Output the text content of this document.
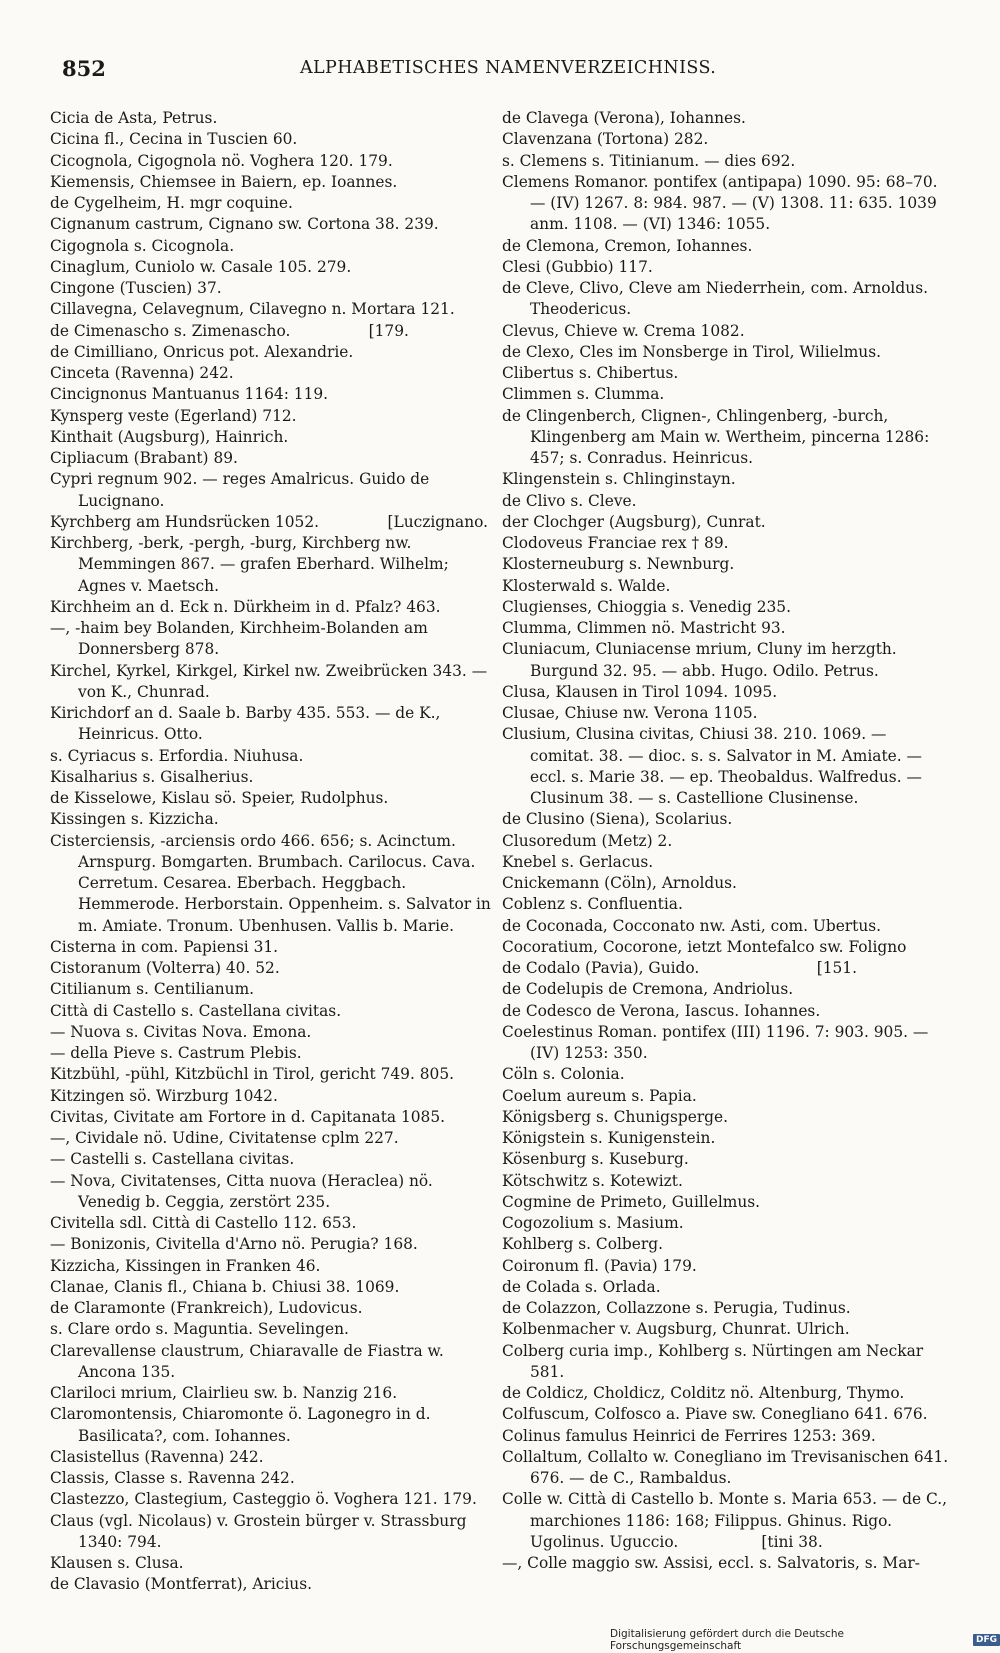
852	ALPHABETISCHES NAMENVERZEICHNISS.

Cicia de Asta, Petrus.

Cicina fl., Cecina in Tuscien 60.

Cicognola, Cigognola nö. Voghera 120. 179.

Kiemensis, Chiemsee in Baiern, ep. Ioannes.

de Cygelheim, H. mgr coquine.

Cignanum castrum, Cignano sw. Cortona 38. 239.

Cigognola s. Cicognola.

Cinaglum, Cuniolo w. Casale 105. 279.

Cingone (Tuscien) 37.

Cillavegna, Celavegnum, Cilavegno n. Mortara 121.

de Cimenascho s. Zimenascho.                [179.

de Cimilliano, Onricus pot. Alexandrie.

Cinceta (Ravenna) 242.

Cincignonus Mantuanus 1164: 119.

Kynsperg veste (Egerland) 712.

Kinthait (Augsburg), Hainrich.

Cipliacum (Brabant) 89.

Cypri regnum 902. — reges Amalricus. Guido de Lucignano.

Kyrchberg am Hundsrücken 1052.              [Luczignano.

Kirchberg, -berk, -pergh, -burg, Kirchberg nw. Memmingen 867. — grafen Eberhard. Wilhelm; Agnes v. Maetsch.

Kirchheim an d. Eck n. Dürkheim in d. Pfalz? 463.

—, -haim bey Bolanden, Kirchheim-Bolanden am Donnersberg 878.

Kirchel, Kyrkel, Kirkgel, Kirkel nw. Zweibrücken 343. — von K., Chunrad.

Kirichdorf an d. Saale b. Barby 435. 553. — de K., Heinricus. Otto.

s. Cyriacus s. Erfordia. Niuhusa.

Kisalharius s. Gisalherius.

de Kisselowe, Kislau sö. Speier, Rudolphus.

Kissingen s. Kizzicha.

Cisterciensis, -arciensis ordo 466. 656; s. Acinctum. Arnspurg. Bomgarten. Brumbach. Carilocus. Cava. Cerretum. Cesarea. Eberbach. Heggbach. Hemmerode. Herborstain. Oppenheim. s. Salvator in m. Amiate. Tronum. Ubenhusen. Vallis b. Marie.

Cisterna in com. Papiensi 31.

Cistoranum (Volterra) 40. 52.

Citilianum s. Centilianum.

Città di Castello s. Castellana civitas.

— Nuova s. Civitas Nova. Emona.

— della Pieve s. Castrum Plebis.

Kitzbühl, -pühl, Kitzbüchl in Tirol, gericht 749. 805.

Kitzingen sö. Wirzburg 1042.

Civitas, Civitate am Fortore in d. Capitanata 1085.

—, Cividale nö. Udine, Civitatense cplm 227.

— Castelli s. Castellana civitas.

— Nova, Civitatenses, Citta nuova (Heraclea) nö. Venedig b. Ceggia, zerstört 235.

Civitella sdl. Città di Castello 112. 653.

— Bonizonis, Civitella d'Arno nö. Perugia? 168.

Kizzicha, Kissingen in Franken 46.

Clanae, Clanis fl., Chiana b. Chiusi 38. 1069.

de Claramonte (Frankreich), Ludovicus.

s. Clare ordo s. Maguntia. Sevelingen.

Clarevallense claustrum, Chiaravalle de Fiastra w. Ancona 135.

Clariloci mrium, Clairlieu sw. b. Nanzig 216.

Claromontensis, Chiaromonte ö. Lagonegro in d. Basilicata?, com. Iohannes.

Clasistellus (Ravenna) 242.

Classis, Classe s. Ravenna 242.

Clastezzo, Clastegium, Casteggio ö. Voghera 121. 179.

Claus (vgl. Nicolaus) v. Grostein bürger v. Strassburg 1340: 794.

Klausen s. Clusa.

de Clavasio (Montferrat), Aricius.

de Clavega (Verona), Iohannes.

Clavenzana (Tortona) 282.

s. Clemens s. Titinianum. — dies 692.

Clemens Romanor. pontifex (antipapa) 1090. 95: 68–70. — (IV) 1267. 8: 984. 987. — (V) 1308. 11: 635. 1039 anm. 1108. — (VI) 1346: 1055.

de Clemona, Cremon, Iohannes.

Clesi (Gubbio) 117.

de Cleve, Clivo, Cleve am Niederrhein, com. Arnoldus. Theodericus.

Clevus, Chieve w. Crema 1082.

de Clexo, Cles im Nonsberge in Tirol, Wilielmus.

Clibertus s. Chibertus.

Climmen s. Clumma.

de Clingenberch, Clignen-, Chlingenberg, -burch, Klingenberg am Main w. Wertheim, pincerna 1286: 457; s. Conradus. Heinricus.

Klingenstein s. Chlinginstayn.

de Clivo s. Cleve.

der Clochger (Augsburg), Cunrat.

Clodoveus Franciae rex † 89.

Klosterneuburg s. Newnburg.

Klosterwald s. Walde.

Clugienses, Chioggia s. Venedig 235.

Clumma, Climmen nö. Mastricht 93.

Cluniacum, Cluniacense mrium, Cluny im herzgth. Burgund 32. 95. — abb. Hugo. Odilo. Petrus.

Clusa, Klausen in Tirol 1094. 1095.

Clusae, Chiuse nw. Verona 1105.

Clusium, Clusina civitas, Chiusi 38. 210. 1069. — comitat. 38. — dioc. s. s. Salvator in M. Amiate. — eccl. s. Marie 38. — ep. Theobaldus. Walfredus. — Clusinum 38. — s. Castellione Clusinense.

de Clusino (Siena), Scolarius.

Clusoredum (Metz) 2.

Knebel s. Gerlacus.

Cnickemann (Cöln), Arnoldus.

Coblenz s. Confluentia.

de Coconada, Cocconato nw. Asti, com. Ubertus.

Cocoratium, Cocorone, ietzt Montefalco sw. Foligno

de Codalo (Pavia), Guido.                        [151.

de Codelupis de Cremona, Andriolus.

de Codesco de Verona, Iascus. Iohannes.

Coelestinus Roman. pontifex (III) 1196. 7: 903. 905. — (IV) 1253: 350.

Cöln s. Colonia.

Coelum aureum s. Papia.

Königsberg s. Chunigsperge.

Königstein s. Kunigenstein.

Kösenburg s. Kuseburg.

Kötschwitz s. Kotewizt.

Cogmine de Primeto, Guillelmus.

Cogozolium s. Masium.

Kohlberg s. Colberg.

Coironum fl. (Pavia) 179.

de Colada s. Orlada.

de Colazzon, Collazzone s. Perugia, Tudinus.

Kolbenmacher v. Augsburg, Chunrat. Ulrich.

Colberg curia imp., Kohlberg s. Nürtingen am Neckar 581.

de Coldicz, Choldicz, Colditz nö. Altenburg, Thymo.

Colfuscum, Colfosco a. Piave sw. Conegliano 641. 676.

Colinus famulus Heinrici de Ferrires 1253: 369.

Collaltum, Collalto w. Conegliano im Trevisanischen 641. 676. — de C., Rambaldus.

Colle w. Città di Castello b. Monte s. Maria 653. — de C., marchiones 1186: 168; Filippus. Ghinus. Rigo. Ugolinus. Uguccio.                 [tini 38.

—, Colle maggio sw. Assisi, eccl. s. Salvatoris, s. Mar-

Digitalisierung gefördert durch die Deutsche Forschungsgemeinschaft	DFG
